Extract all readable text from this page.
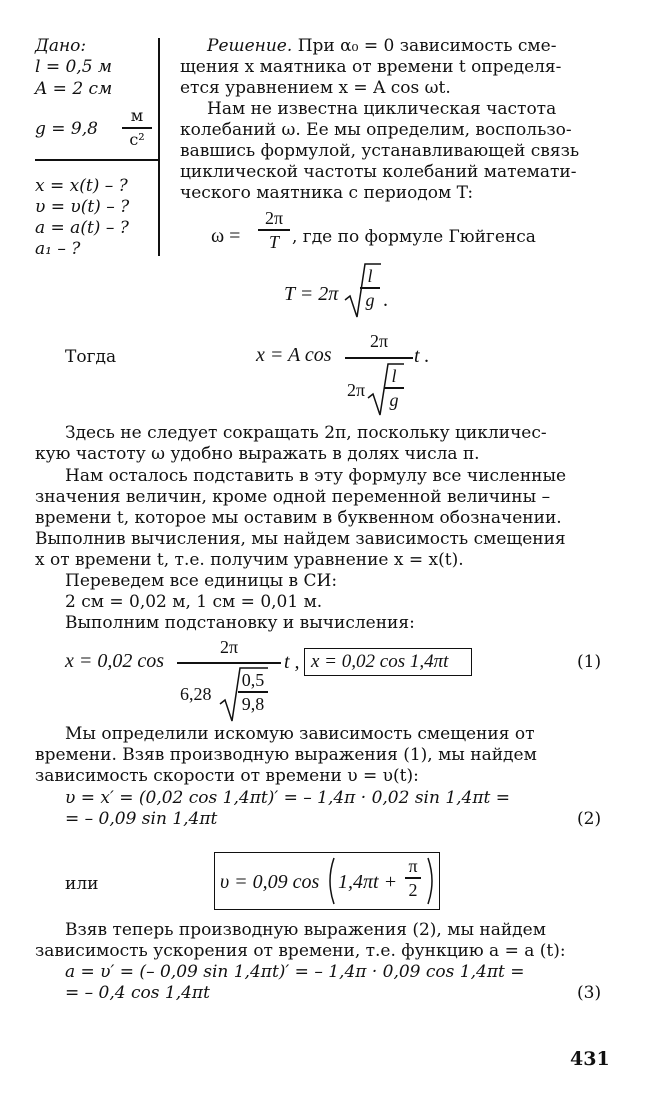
Дано:
l = 0,5 м
A = 2 см
g = 9,8
м
c²
x = x(t) – ?
υ = υ(t) – ?
a = a(t) – ?
a₁ – ?
Решение. При α₀ = 0 зависимость сме-
щения x маятника от времени t определя-
ется уравнением x = A cos ωt.
Нам не известна циклическая частота
колебаний ω. Ее мы определим, воспользо-
вавшись формулой, устанавливающей связь
циклической частоты колебаний математи-
ческого маятника с периодом T:
ω =
2π
T , где по формуле Гюйгенса
T = 2π
l
g .
Тогда	x = A cos
2π
2π
l
g
t .
Здесь не следует сокращать 2π, поскольку цикличес-
кую частоту ω удобно выражать в долях числа π.
Нам осталось подставить в эту формулу все численные
значения величин, кроме одной переменной величины –
времени t, которое мы оставим в буквенном обозначении.
Выполнив вычисления, мы найдем зависимость смещения
x от времени t, т.е. получим уравнение x = x(t).
Переведем все единицы в СИ:
2 см = 0,02 м, 1 см = 0,01 м.
Выполним подстановку и вычисления:
x = 0,02 cos
2π
6,28
0,5
9,8
t , x = 0,02 cos 1,4πt	(1)
Мы определили искомую зависимость смещения от
времени. Взяв производную выражения (1), мы найдем
зависимость скорости от времени υ = υ(t):
υ = x′ = (0,02 cos 1,4πt)′ = – 1,4π · 0,02 sin 1,4πt =
= – 0,09 sin 1,4πt	(2)
или	υ = 0,09 cos 1,4πt +
π
2
Взяв теперь производную выражения (2), мы найдем
зависимость ускорения от времени, т.е. функцию a = a (t):
a = υ′ = (– 0,09 sin 1,4πt)′ = – 1,4π · 0,09 cos 1,4πt =
= – 0,4 cos 1,4πt	(3)
431
